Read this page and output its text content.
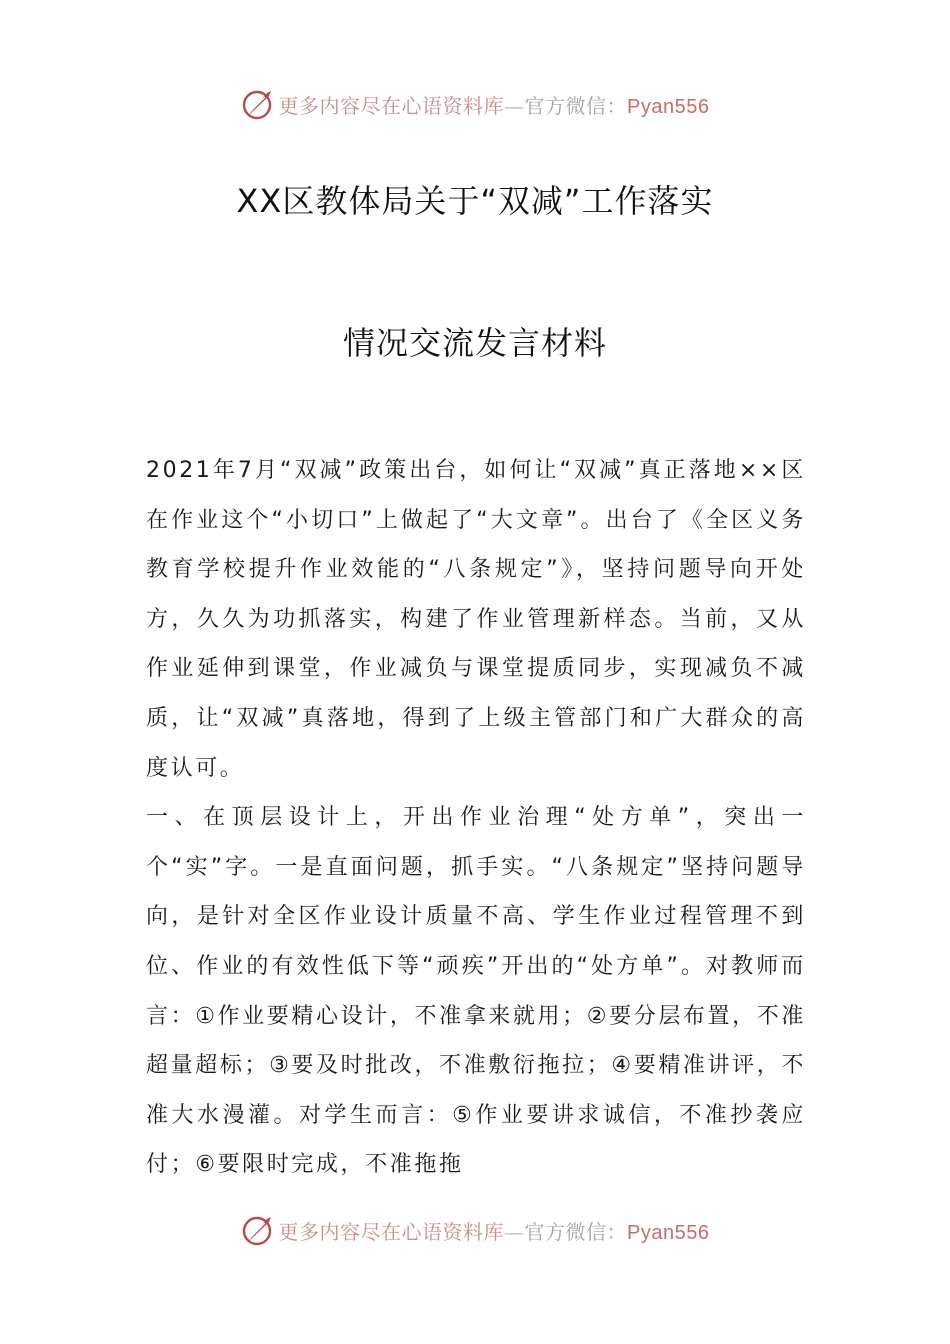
更多内容尽在心语资料库—官方微信：Pyan556
XX区教体局关于“双减”工作落实
情况交流发言材料

2021年7月“双减”政策出台，如何让“双减”真正落地××区在作业这个“小切口”上做起了“大文章”。出台了《全区义务教育学校提升作业效能的“八条规定”》，坚持问题导向开处方，久久为功抓落实，构建了作业管理新样态。当前，又从作业延伸到课堂，作业减负与课堂提质同步，实现减负不减质，让“双减”真落地，得到了上级主管部门和广大群众的高度认可。

一、在顶层设计上，开出作业治理“处方单”，突出一个“实”字。一是直面问题，抓手实。“八条规定”坚持问题导向，是针对全区作业设计质量不高、学生作业过程管理不到位、作业的有效性低下等“顽疾”开出的“处方单”。对教师而言：①作业要精心设计，不准拿来就用；②要分层布置，不准超量超标；③要及时批改，不准敷衍拖拉；④要精准讲评，不准大水漫灌。对学生而言：⑤作业要讲求诚信，不准抄袭应付；⑥要限时完成，不准拖拖

更多内容尽在心语资料库—官方微信：Pyan556
